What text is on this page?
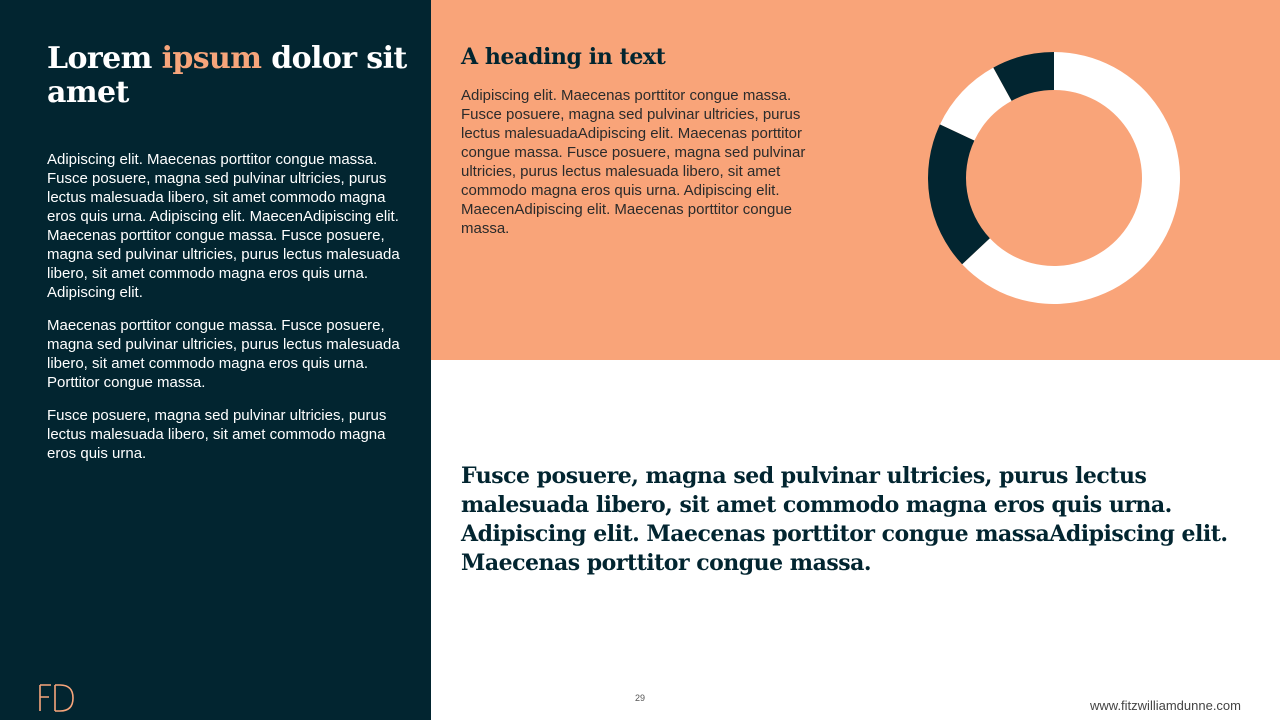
Lorem ipsum dolor sit amet

Adipiscing elit. Maecenas porttitor congue massa. Fusce posuere, magna sed pulvinar ultricies, purus lectus malesuada libero, sit amet commodo magna eros quis urna. Adipiscing elit. MaecenAdipiscing elit. Maecenas porttitor congue massa. Fusce posuere, magna sed pulvinar ultricies, purus lectus malesuada libero, sit amet commodo magna eros quis urna. Adipiscing elit.

Maecenas porttitor congue massa. Fusce posuere, magna sed pulvinar ultricies, purus lectus malesuada libero, sit amet commodo magna eros quis urna. Porttitor congue massa.

Fusce posuere, magna sed pulvinar ultricies, purus lectus malesuada libero, sit amet commodo magna eros quis urna.

A heading in text

Adipiscing elit. Maecenas porttitor congue massa. Fusce posuere, magna sed pulvinar ultricies, purus lectus malesuadaAdipiscing elit. Maecenas porttitor congue massa. Fusce posuere, magna sed pulvinar ultricies, purus lectus malesuada libero, sit amet commodo magna eros quis urna. Adipiscing elit. MaecenAdipiscing elit. Maecenas porttitor congue massa.

Fusce posuere, magna sed pulvinar ultricies, purus lectus malesuada libero, sit amet commodo magna eros quis urna. Adipiscing elit. Maecenas porttitor congue massaAdipiscing elit. Maecenas porttitor congue massa.

29	www.fitzwilliamdunne.com
